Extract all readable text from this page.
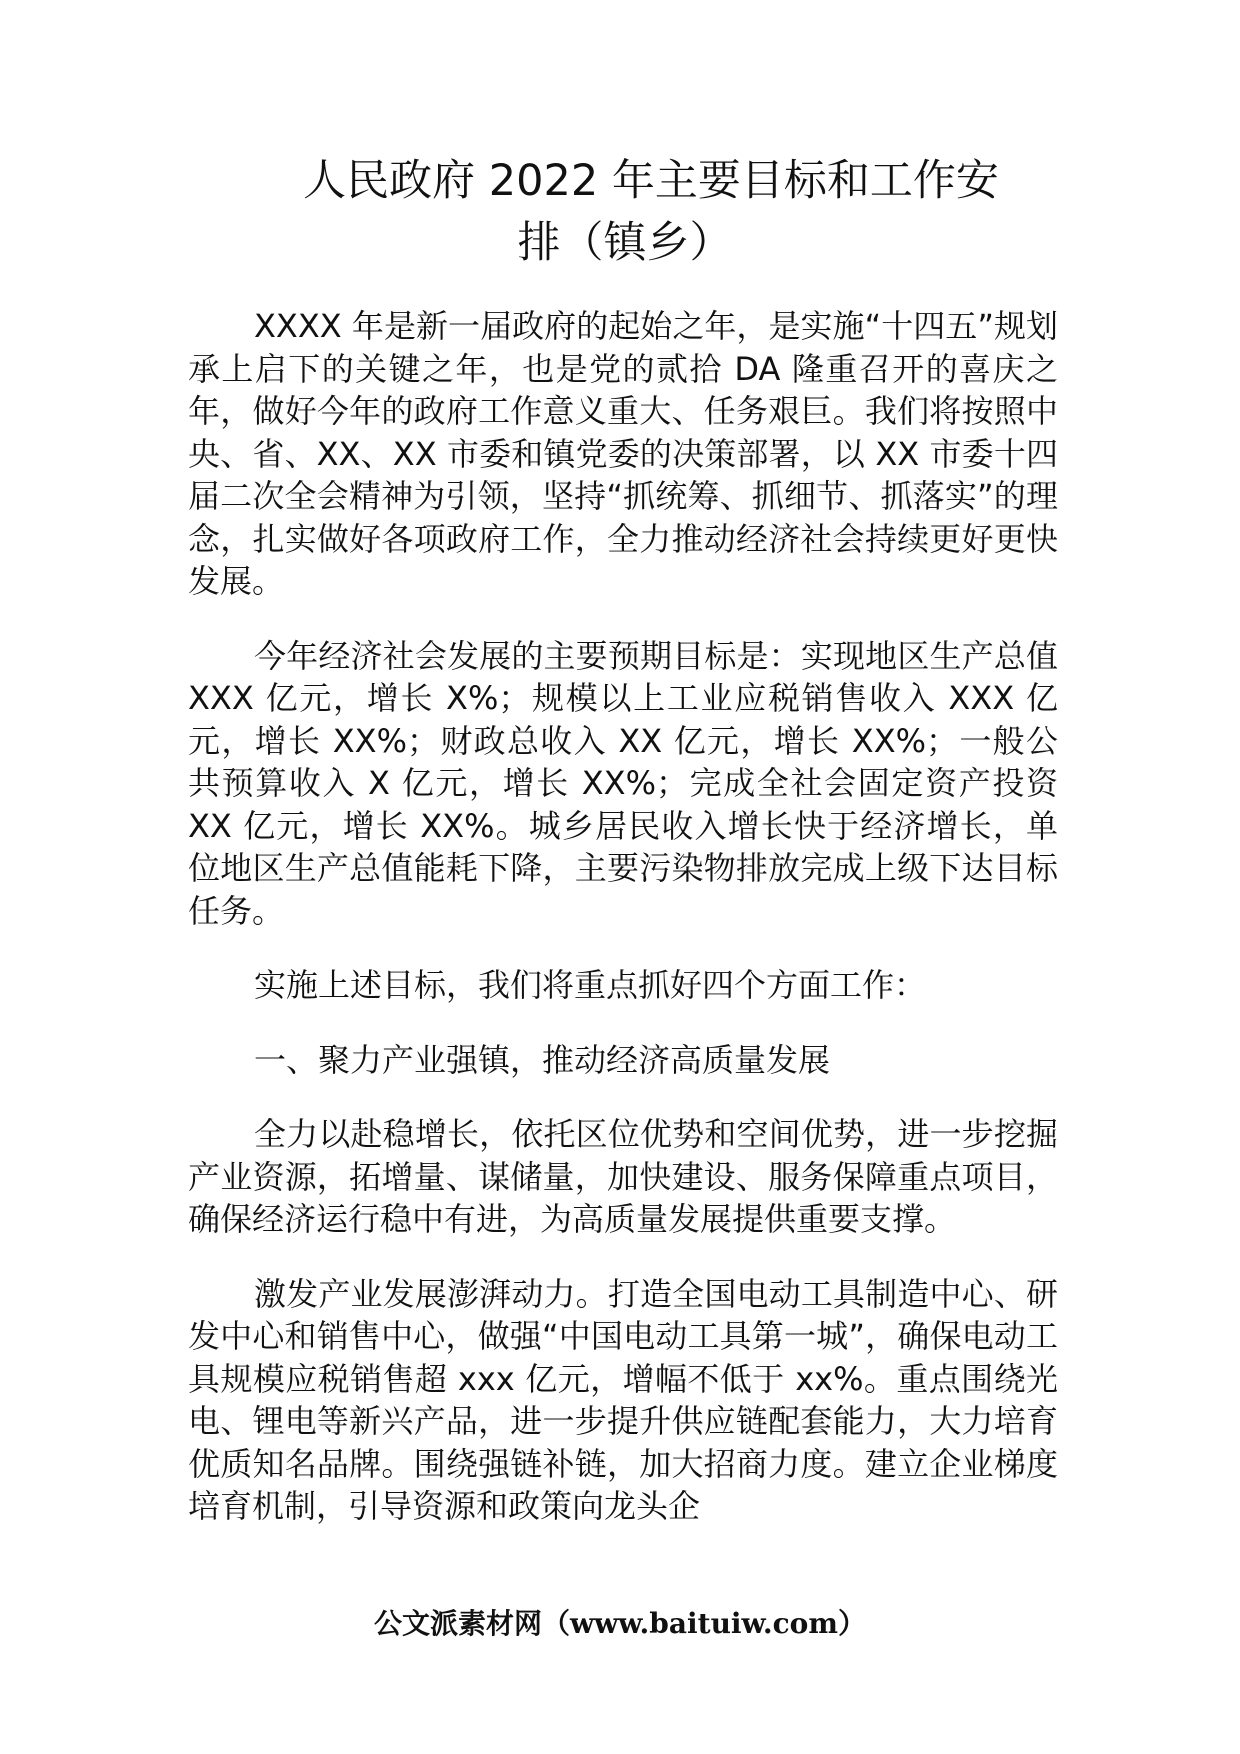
人民政府 2022 年主要目标和工作安
排（镇乡）

XXXX 年是新一届政府的起始之年，是实施“十四五”规划承上启下的关键之年，也是党的贰拾 DA 隆重召开的喜庆之年，做好今年的政府工作意义重大、任务艰巨。我们将按照中央、省、XX、XX 市委和镇党委的决策部署，以 XX 市委十四届二次全会精神为引领，坚持“抓统筹、抓细节、抓落实”的理念，扎实做好各项政府工作，全力推动经济社会持续更好更快发展。

今年经济社会发展的主要预期目标是：实现地区生产总值 XXX 亿元，增长 X%；规模以上工业应税销售收入 XXX 亿元，增长 XX%；财政总收入 XX 亿元，增长 XX%；一般公共预算收入 X 亿元，增长 XX%；完成全社会固定资产投资 XX 亿元，增长 XX%。城乡居民收入增长快于经济增长，单位地区生产总值能耗下降，主要污染物排放完成上级下达目标任务。

实施上述目标，我们将重点抓好四个方面工作：

一、聚力产业强镇，推动经济高质量发展

全力以赴稳增长，依托区位优势和空间优势，进一步挖掘产业资源，拓增量、谋储量，加快建设、服务保障重点项目，确保经济运行稳中有进，为高质量发展提供重要支撑。

激发产业发展澎湃动力。打造全国电动工具制造中心、研发中心和销售中心，做强“中国电动工具第一城”，确保电动工具规模应税销售超 xxx 亿元，增幅不低于 xx%。重点围绕光电、锂电等新兴产品，进一步提升供应链配套能力，大力培育优质知名品牌。围绕强链补链，加大招商力度。建立企业梯度培育机制，引导资源和政策向龙头企

公文派素材网（www.baituiw.com）
